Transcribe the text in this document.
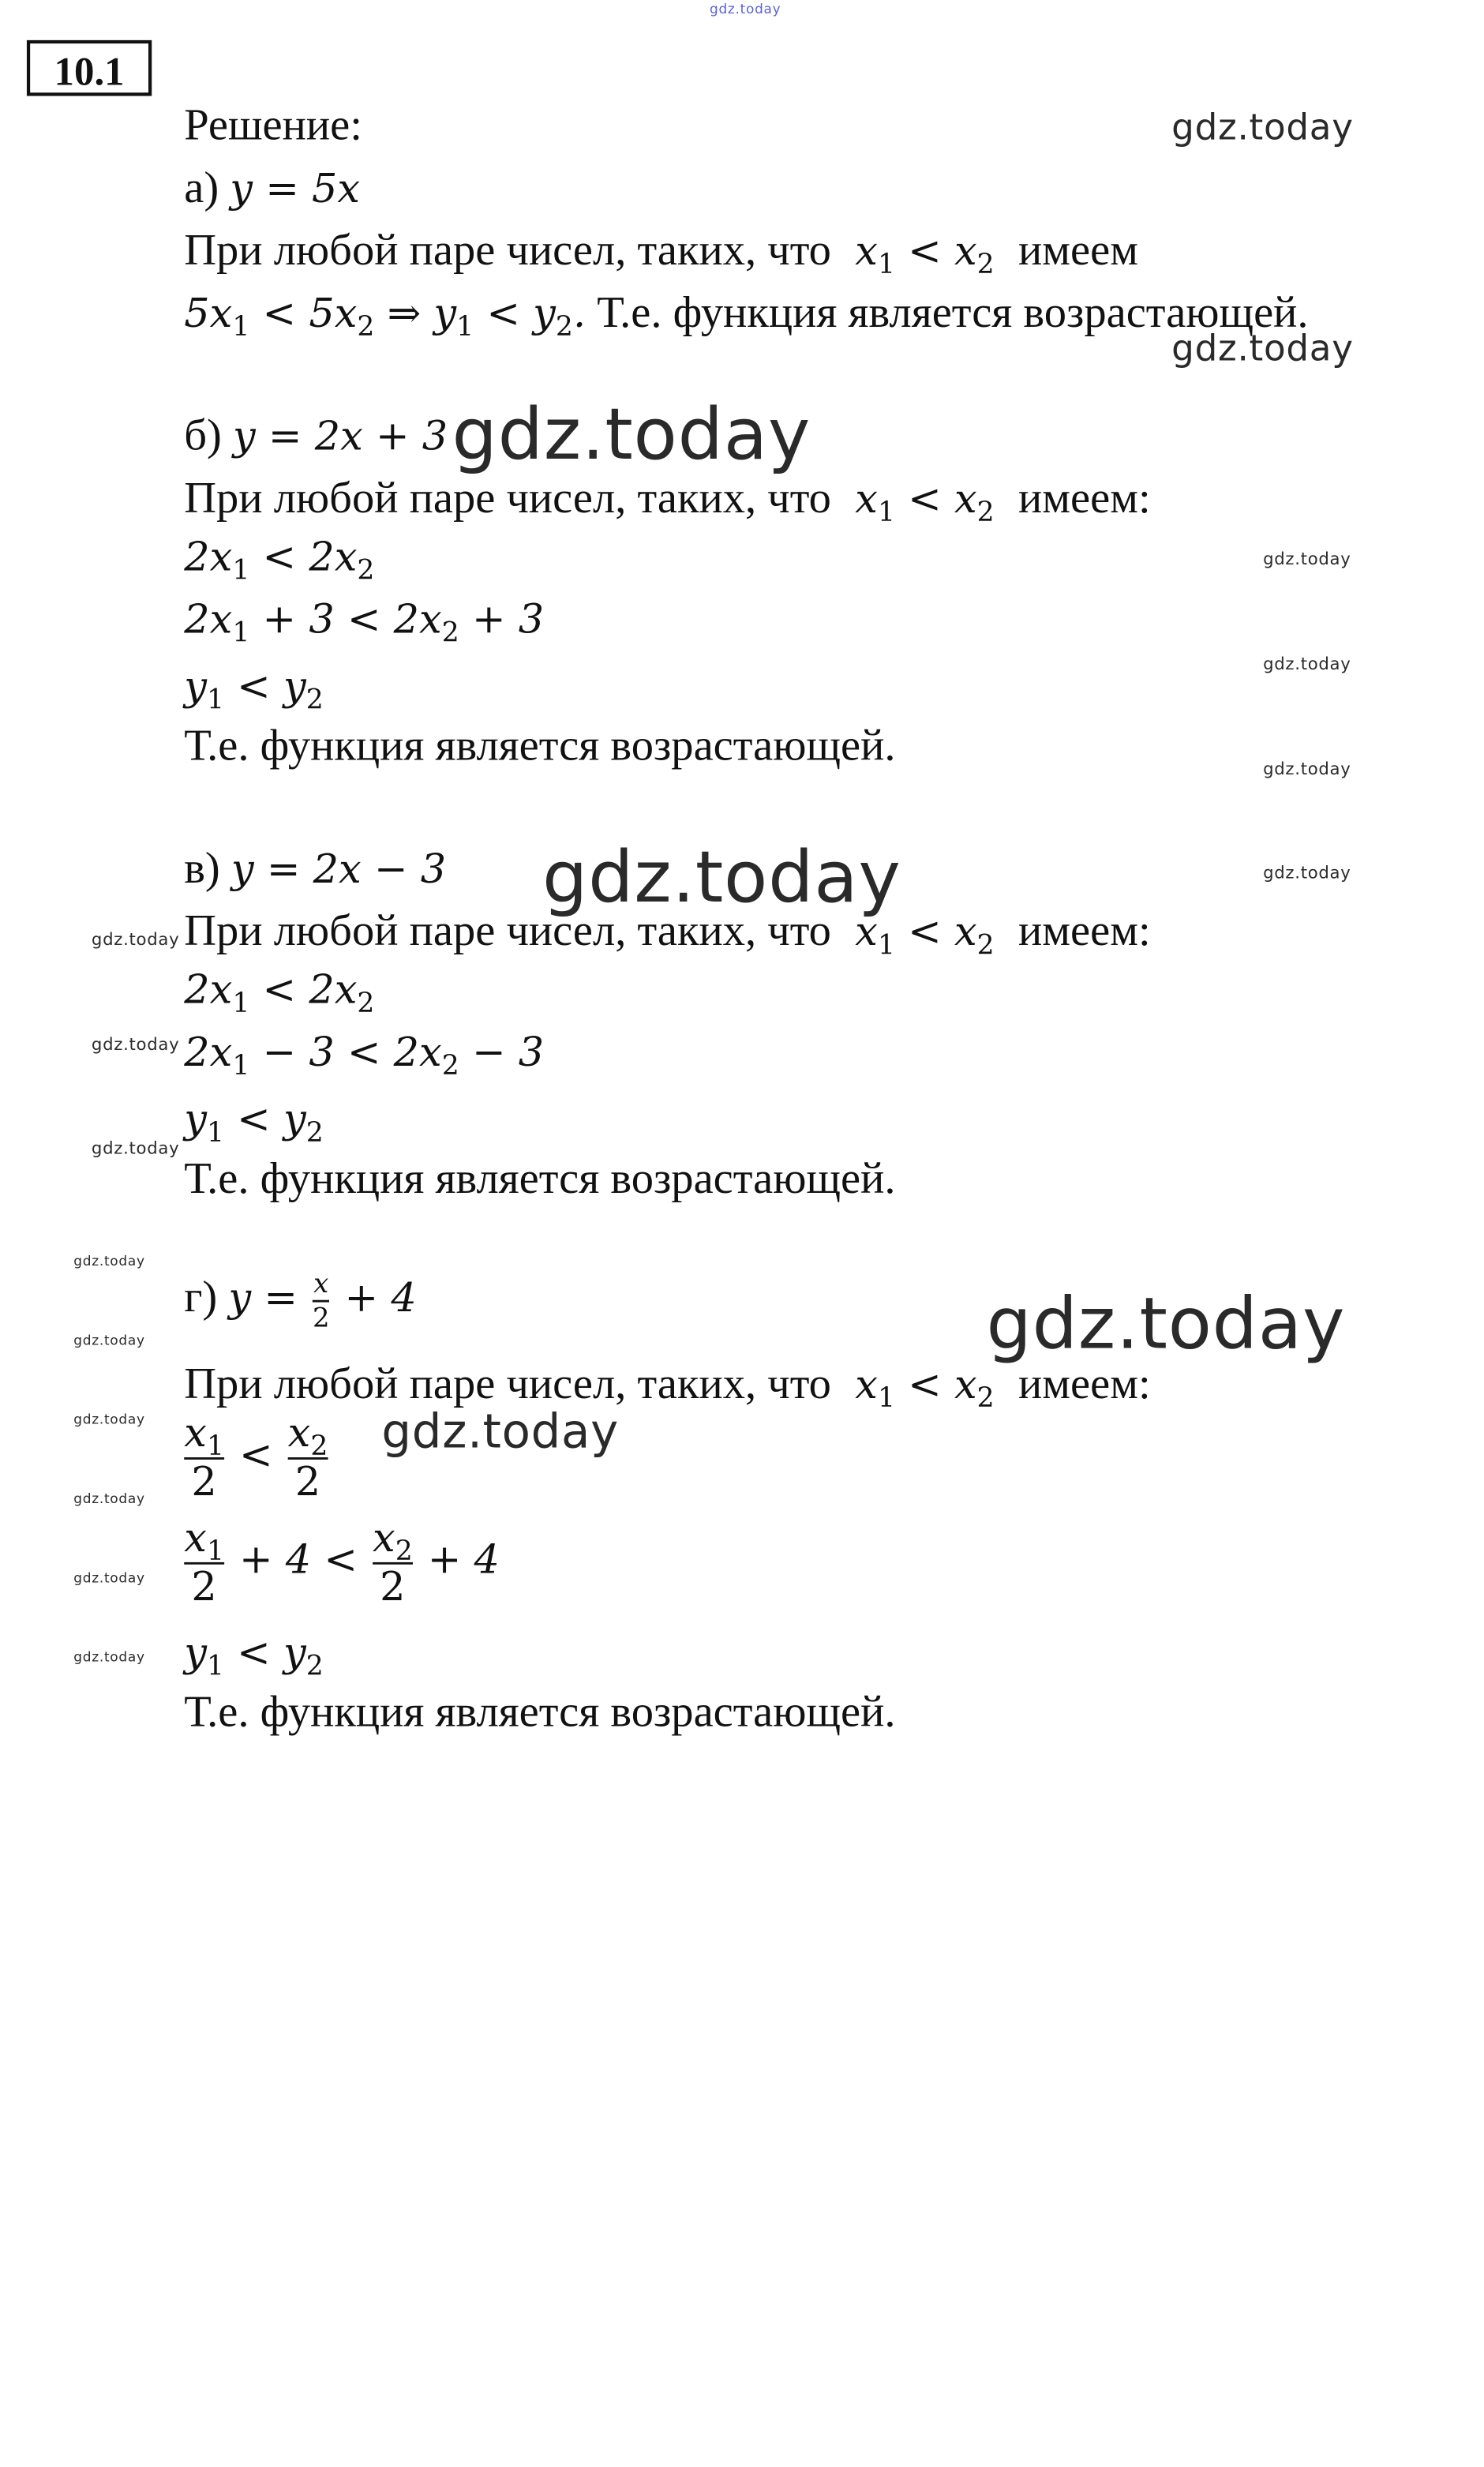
gdz.today
10.1
Решение:	gdz.today
а) y = 5x
При любой паре чисел, таких, что  $x_1 < x_2$ имеем
$5x_1 < 5x_2$ ⇒ $y_1 < y_2$. Т.е. функция является возрастающей.
gdz.today
б) y = 2x + 3 gdz.today
При любой паре чисел, таких, что  $x_1 < x_2$ имеем:
$2x_1 < 2x_2$	gdz.today
$2x_1 + 3 < 2x_2 + 3$
gdz.today
$y_1 < y_2$
Т.е. функция является возрастающей.	gdz.today
в) y = 2x − 3 gdz.today	gdz.today
gdz.today При любой паре чисел, таких, что  $x_1 < x_2$ имеем:
$2x_1 < 2x_2$
gdz.today $2x_1 - 3 < 2x_2 - 3$
$y_1 < y_2$
gdz.today
Т.е. функция является возрастающей.
gdz.today
г) $y = \frac{x}{2} + 4$	gdz.today
gdz.today
При любой паре чисел, таких, что  $x_1 < x_2$ имеем:
gdz.today	gdz.today
$\frac{x_1}{2} < \frac{x_2}{2}$
gdz.today
$\frac{x_1}{2} + 4 < \frac{x_2}{2} + 4$
gdz.today
gdz.today $y_1 < y_2$
Т.е. функция является возрастающей.
